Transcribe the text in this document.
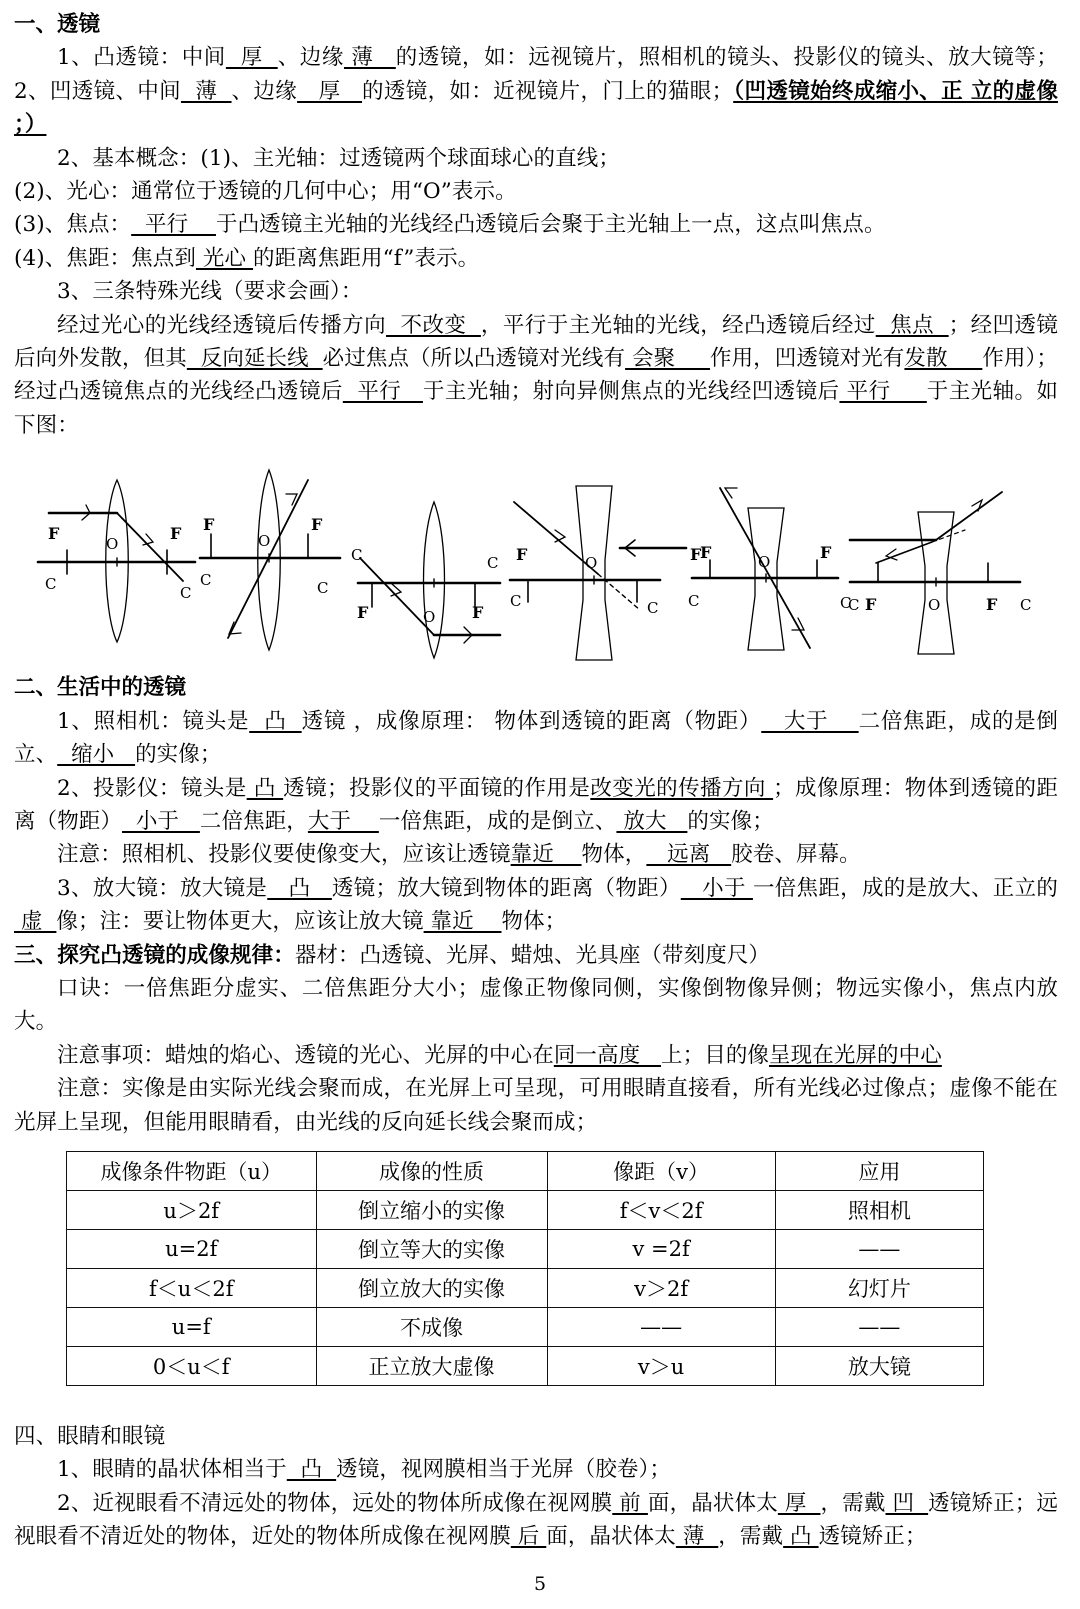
一、透镜
1、凸透镜：中间  厚  、边缘 薄   的透镜，如：远视镜片，照相机的镜头、投影仪的镜头、放大镜等； 2、凹透镜、中间  薄  、边缘   厚   的透镜，如：近视镜片，门上的猫眼；（凹透镜始终成缩小、正 立的虚像 ；）
2、基本概念：(1)、主光轴：过透镜两个球面球心的直线；
(2)、光心：通常位于透镜的几何中心；用“O”表示。
(3)、焦点：  平行    于凸透镜主光轴的光线经凸透镜后会聚于主光轴上一点，这点叫焦点。
(4)、焦距：焦点到 光心 的距离焦距用“f”表示。
3、三条特殊光线（要求会画）：
经过光心的光线经透镜后传播方向  不改变  ，平行于主光轴的光线，经凸透镜后经过  焦点  ；经凹透镜后向外发散，但其  反向延长线  必过焦点（所以凸透镜对光线有 会聚     作用，凹透镜对光有发散     作用）；经过凸透镜焦点的光线经凸透镜后  平行   于主光轴；射向异侧焦点的光线经凹透镜后 平行     于主光轴。如下图：
F	F
C	C
O
F	F
C	C
O
F	F
C	C
O
F	F
C	C
O
F	F
C	C
O
F	F
C	C
O
二、生活中的透镜
1、照相机：镜头是  凸  透镜 ，成像原理： 物体到透镜的距离（物距）   大于    二倍焦距，成的是倒立、  缩小   的实像；
2、投影仪：镜头是 凸 透镜；投影仪的平面镜的作用是改变光的传播方向 ；成像原理：物体到透镜的距离（物距）  小于   二倍焦距，大于    一倍焦距，成的是倒立、 放大   的实像；
注意：照相机、投影仪要使像变大，应该让透镜靠近    物体，   远离   胶卷、屏幕。
3、放大镜：放大镜是   凸   透镜；放大镜到物体的距离（物距）   小于 一倍焦距，成的是放大、正立的 虚  像；注：要让物体更大，应该让放大镜 靠近    物体；
三、探究凸透镜的成像规律：器材：凸透镜、光屏、蜡烛、光具座（带刻度尺）
口诀：一倍焦距分虚实、二倍焦距分大小；虚像正物像同侧，实像倒物像异侧；物远实像小，焦点内放大。
注意事项：蜡烛的焰心、透镜的光心、光屏的中心在同一高度   上；目的像呈现在光屏的中心
注意：实像是由实际光线会聚而成，在光屏上可呈现，可用眼睛直接看，所有光线必过像点；虚像不能在光屏上呈现，但能用眼睛看，由光线的反向延长线会聚而成；
成像条件物距（u）	成像的性质	像距（v）	应用
u＞2f	倒立缩小的实像	f＜v＜2f	照相机
u=2f	倒立等大的实像	v =2f	——
f＜u＜2f	倒立放大的实像	v＞2f	幻灯片
u=f	不成像	——	——
0＜u＜f	正立放大虚像	v＞u	放大镜
四、眼睛和眼镜
1、眼睛的晶状体相当于  凸  透镜，视网膜相当于光屏（胶卷）；
2、近视眼看不清远处的物体，远处的物体所成像在视网膜 前 面，晶状体太 厚  ，需戴 凹  透镜矫正；远视眼看不清近处的物体，近处的物体所成像在视网膜 后 面，晶状体太 薄  ，需戴 凸 透镜矫正；
5
